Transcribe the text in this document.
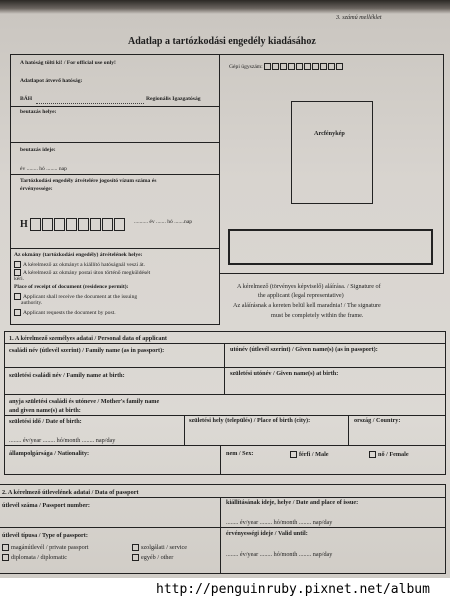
3. számú melléklet
Adatlap a tartózkodási engedély kiadásához
A hatóság tölti ki! / For official use only!
Adatlapot átvevő hatóság:
BÁH	Regionális Igazgatóság
beutazás helye:
beutazás ideje:
év ........ hó ........ nap
Tartózkodási engedély átvételére jogosító vízum száma és
érvényessége:
H	.......... év ....... hó .......nap
Gépi ügyszám:
Arcfénykép
A kérelmező (törvényes képviselő) aláírása. / Signature of
the applicant (legal representative)
Az aláírásnak a kereten belül kell maradnia! / The signature
must be completely within the frame.
Az okmány (tartózkodási engedély) átvételének helye:
A kérelmező az okmányt a kiállító hatóságnál veszi át.
A kérelmező az okmány postai úton történő megküldését
kéri.
Place of receipt of document (residence permit):
Applicant shall receive the document at the issuing
authority.
Applicant requests the document by post.
1. A kérelmező személyes adatai / Personal data of applicant
családi név (útlevél szerint) / Family name (as in passport):	utónév (útlevél szerint) / Given name(s) (as in passport):
születési családi név / Family name at birth:	születési utónév / Given name(s) at birth:
anyja születési családi és utóneve / Mother's family name
and given name(s) at birth:
születési idő / Date of birth:
........ év/year ........ hó/month ........ nap/day
születési hely (település) / Place of birth (city):	ország / Country:
állampolgársága / Nationality:	nem / Sex:	férfi / Male	nő / Female
2. A kérelmező útlevelének adatai / Data of passport
útlevél száma / Passport number:	kiállításának ideje, helye / Date and place of issue:
........ év/year ........ hó/month ........ nap/day
útlevél típusa / Type of passport:	érvényességi ideje / Valid until:
magánútlevél / private passport	szolgálati / service
diplomata / diplomatic	egyéb / other	........ év/year ........ hó/month ........ nap/day
http://penguinruby.pixnet.net/album
